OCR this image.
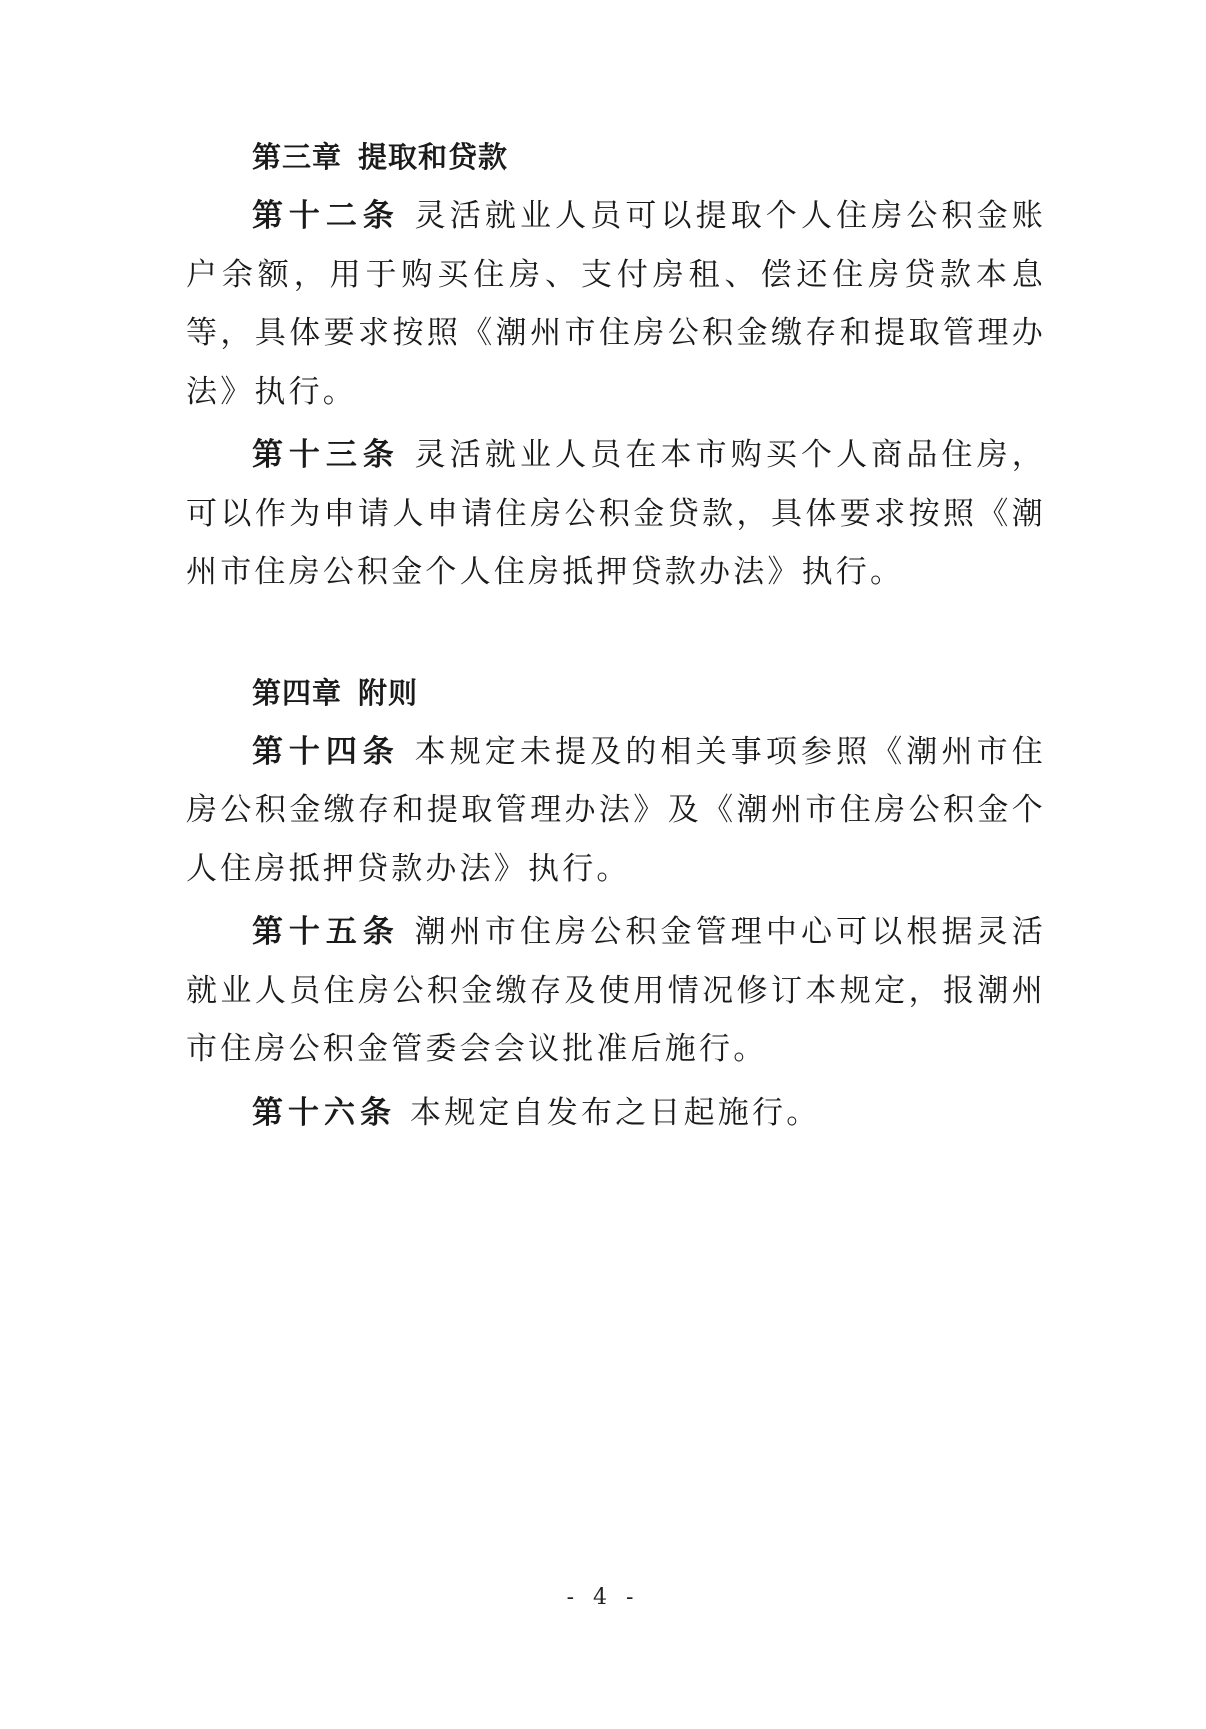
第三章 提取和贷款

第十二条 灵活就业人员可以提取个人住房公积金账户余额，用于购买住房、支付房租、偿还住房贷款本息等，具体要求按照《潮州市住房公积金缴存和提取管理办法》执行。

第十三条 灵活就业人员在本市购买个人商品住房，可以作为申请人申请住房公积金贷款，具体要求按照《潮州市住房公积金个人住房抵押贷款办法》执行。

第四章 附则

第十四条 本规定未提及的相关事项参照《潮州市住房公积金缴存和提取管理办法》及《潮州市住房公积金个人住房抵押贷款办法》执行。

第十五条 潮州市住房公积金管理中心可以根据灵活就业人员住房公积金缴存及使用情况修订本规定，报潮州市住房公积金管委会会议批准后施行。

第十六条 本规定自发布之日起施行。

- 4 -
